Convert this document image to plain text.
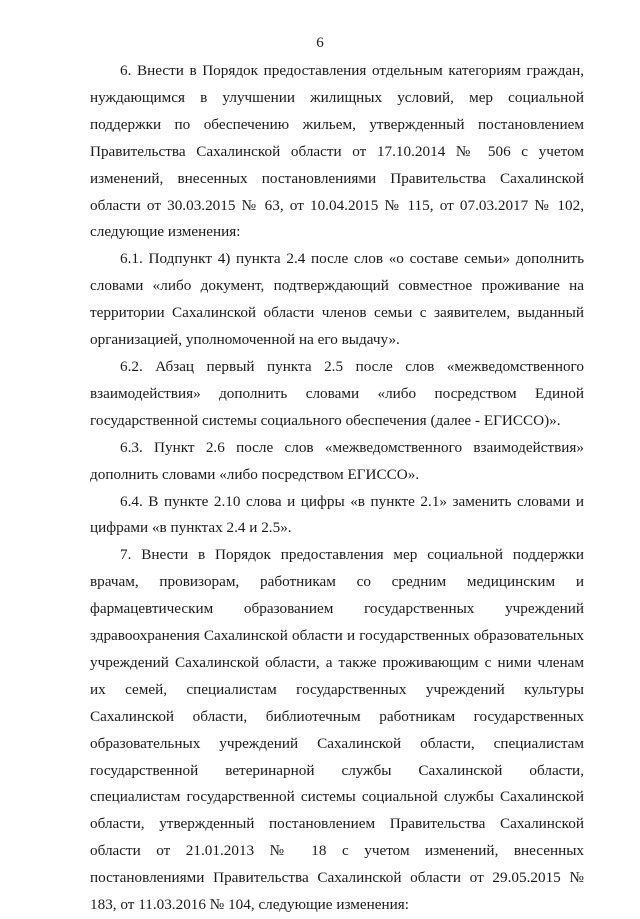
6

6. Внести в Порядок предоставления отдельным категориям граждан, нуждающимся в улучшении жилищных условий, мер социальной поддержки по обеспечению жильем, утвержденный постановлением Правительства Сахалинской области от 17.10.2014 № 506 с учетом изменений, внесенных постановлениями Правительства Сахалинской области от 30.03.2015 № 63, от 10.04.2015 № 115, от 07.03.2017 № 102, следующие изменения:

6.1. Подпункт 4) пункта 2.4 после слов «о составе семьи» дополнить словами «либо документ, подтверждающий совместное проживание на территории Сахалинской области членов семьи с заявителем, выданный организацией, уполномоченной на его выдачу».

6.2. Абзац первый пункта 2.5 после слов «межведомственного взаимодействия» дополнить словами «либо посредством Единой государственной системы социального обеспечения (далее - ЕГИССО)».

6.3. Пункт 2.6 после слов «межведомственного взаимодействия» дополнить словами «либо посредством ЕГИССО».

6.4. В пункте 2.10 слова и цифры «в пункте 2.1» заменить словами и цифрами «в пунктах 2.4 и 2.5».

7. Внести в Порядок предоставления мер социальной поддержки врачам, провизорам, работникам со средним медицинским и фармацевтическим образованием государственных учреждений здравоохранения Сахалинской области и государственных образовательных учреждений Сахалинской области, а также проживающим с ними членам их семей, специалистам государственных учреждений культуры Сахалинской области, библиотечным работникам государственных образовательных учреждений Сахалинской области, специалистам государственной ветеринарной службы Сахалинской области, специалистам государственной системы социальной службы Сахалинской области, утвержденный постановлением Правительства Сахалинской области от 21.01.2013 № 18 с учетом изменений, внесенных постановлениями Правительства Сахалинской области от 29.05.2015 № 183, от 11.03.2016 № 104, следующие изменения:
